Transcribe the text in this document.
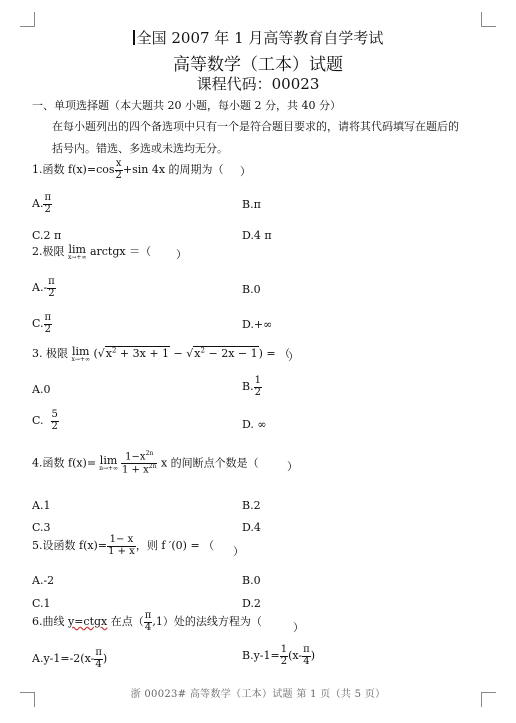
全国 2007 年 1 月高等教育自学考试
高等数学（工本）试题
课程代码：00023
一、单项选择题（本大题共 20 小题，每小题 2 分，共 40 分）
在每小题列出的四个备选项中只有一个是符合题目要求的，请将其代码填写在题后的
括号内。错选、多选或未选均无分。
1.函数 $f(x)=\cos \frac{x}{2} +\sin$ 4x 的周期为（ ）
A. $\frac{\pi}{2}$	B.π
C.2 π	D.4 π
2.极限 lim
x→+∞ arctgx ＝（ ）
$A.- \frac{\pi}{2}$	B.0
C. $\frac{\pi}{2}$	D.+∞
3. 极限 lim
x→+∞ $(√x^2 + 3x + 1 - √x^2 - 2x - 1)$ = （
）
A.0	B. $\frac{1}{2}$
C. $\frac{5}{2}$	D. ∞
4.函数 f(x)= lim
$n\to+\infty \frac{1-x^{2n}}{1 + x^{2n}}$ x 的间断点个数是（	）
A.1	B.2
C.3	D.4
5.设函数 $f(x)= \frac{1- x}{1 + x}$ ，则 f ′(0) = （ ）
A.-2	B.0
C.1	D.2
6.曲线 y=ctgx 在点（ $\frac{\pi}{4} ,1$）处的法线方程为（	）
$A.y-1=-2(x- \frac{\pi}{4}$ )	$B.y-1= \frac{1}{2} (x- \frac{\pi}{4}$ )
浙 00023# 高等数学（工本）试题 第 1 页（共 5 页）
